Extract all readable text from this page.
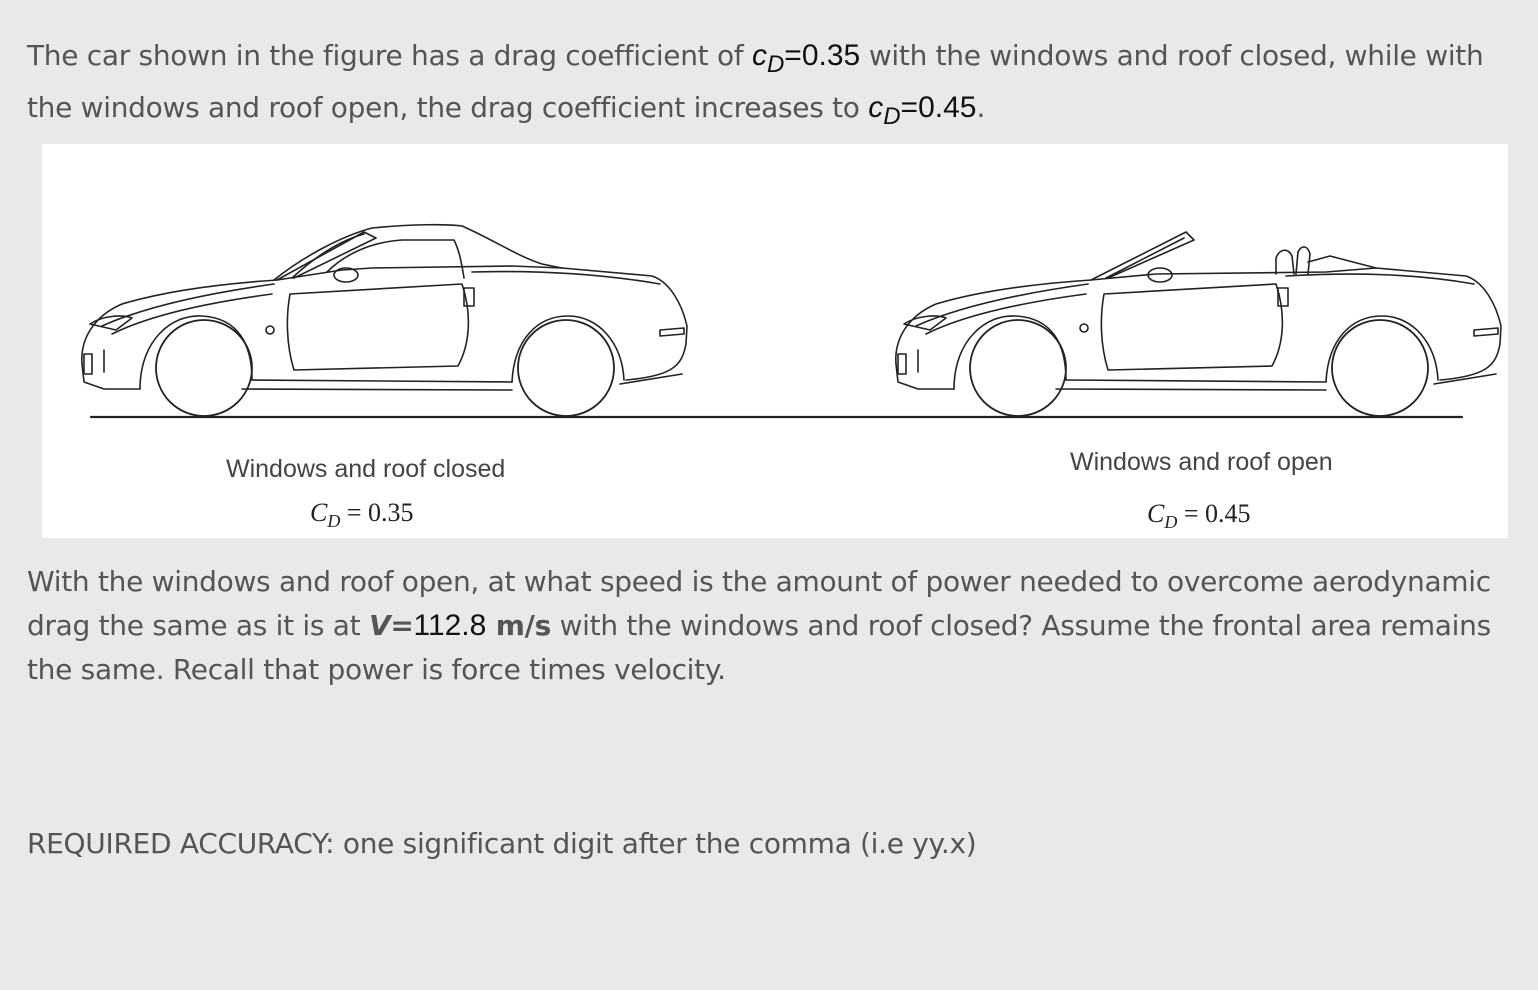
The car shown in the figure has a drag coefficient of $c_D=0.35$ with the windows and roof closed, while with the windows and roof open, the drag coefficient increases to $c_D=0.45$.

Windows and roof closed
$C_D = 0.35$
Windows and roof open
$C_D = 0.45$

With the windows and roof open, at what speed is the amount of power needed to overcome aerodynamic drag the same as it is at V=112.8 m/s with the windows and roof closed? Assume the frontal area remains the same. Recall that power is force times velocity.

REQUIRED ACCURACY: one significant digit after the comma (i.e yy.x)
